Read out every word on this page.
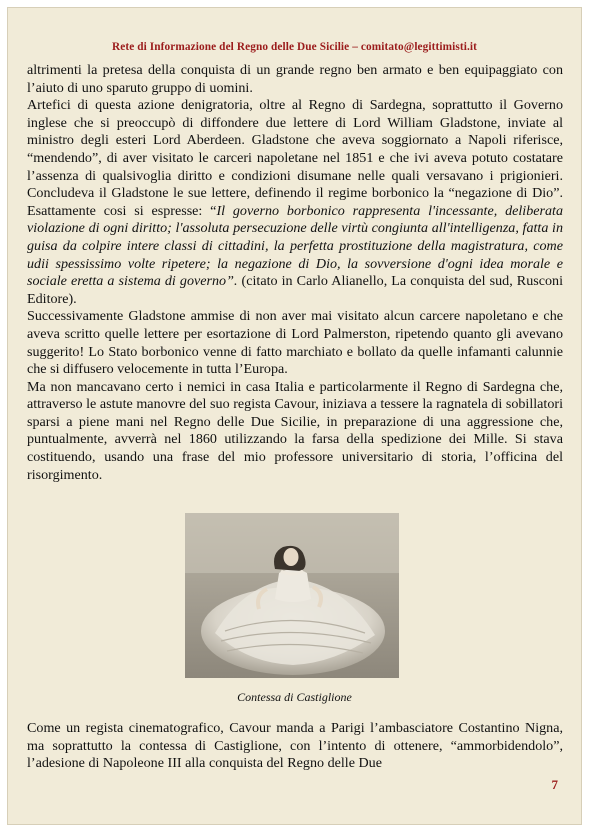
Rete di Informazione del Regno delle Due Sicilie – comitato@legittimisti.it

altrimenti la pretesa della conquista di un grande regno ben armato e ben equipaggiato con l’aiuto di uno sparuto gruppo di uomini.

Artefici di questa azione denigratoria, oltre al Regno di Sardegna, soprattutto il Governo inglese che si preoccupò di diffondere due lettere di Lord William Gladstone, inviate al ministro degli esteri Lord Aberdeen. Gladstone che aveva soggiornato a Napoli riferisce, “mendendo”, di aver visitato le carceri napoletane nel 1851 e che ivi aveva potuto costatare l’assenza di qualsivoglia diritto e condizioni disumane nelle quali versavano i prigionieri. Concludeva il Gladstone le sue lettere, definendo il regime borbonico la “negazione di Dio”. Esattamente cosi si espresse: “Il governo borbonico rappresenta l'incessante, deliberata violazione di ogni diritto; l'assoluta persecuzione delle virtù congiunta all'intelligenza, fatta in guisa da colpire intere classi di cittadini, la perfetta prostituzione della magistratura, come udii spessissimo volte ripetere; la negazione di Dio, la sovversione d'ogni idea morale e sociale eretta a sistema di governo”. (citato in Carlo Alianello, La conquista del sud, Rusconi Editore).

Successivamente Gladstone ammise di non aver mai visitato alcun carcere napoletano e che aveva scritto quelle lettere per esortazione di Lord Palmerston, ripetendo quanto gli avevano suggerito! Lo Stato borbonico venne di fatto marchiato e bollato da quelle infamanti calunnie che si diffusero velocemente in tutta l’Europa.

Ma non mancavano certo i nemici in casa Italia e particolarmente il Regno di Sardegna che, attraverso le astute manovre del suo regista Cavour, iniziava a tessere la ragnatela di sobillatori sparsi a piene mani nel Regno delle Due Sicilie, in preparazione di una aggressione che, puntualmente, avverrà nel 1860 utilizzando la farsa della spedizione dei Mille. Si stava costituendo, usando una frase del mio professore universitario di storia, l’officina del risorgimento.

Contessa di Castiglione

Come un regista cinematografico, Cavour manda a Parigi l’ambasciatore Costantino Nigna, ma soprattutto la contessa di Castiglione, con l’intento di ottenere, “ammorbidendolo”, l’adesione di Napoleone III alla conquista del Regno delle Due

7
